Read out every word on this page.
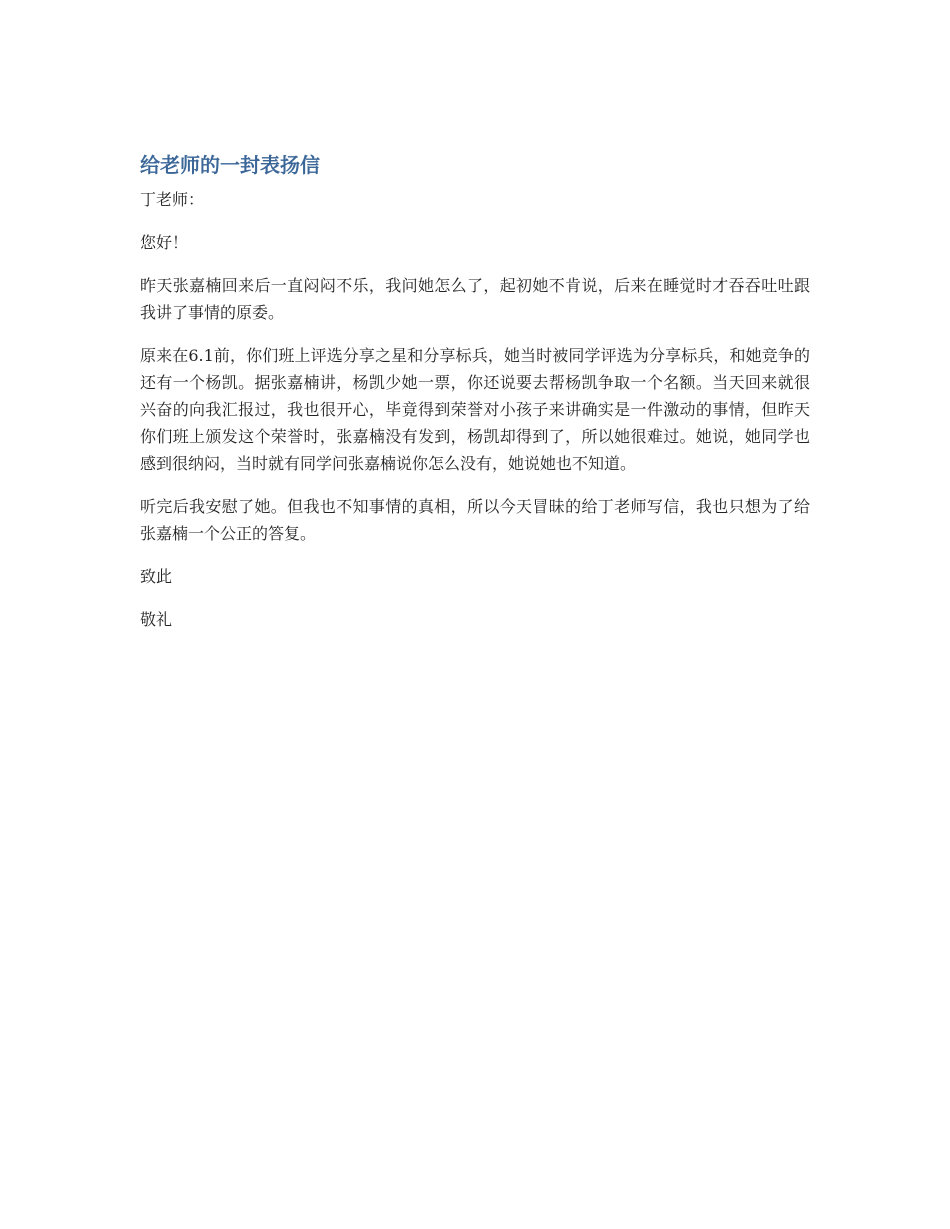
给老师的一封表扬信

丁老师：

您好！

昨天张嘉楠回来后一直闷闷不乐，我问她怎么了，起初她不肯说，后来在睡觉时才吞吞吐吐跟我讲了事情的原委。

原来在6.1前，你们班上评选分享之星和分享标兵，她当时被同学评选为分享标兵，和她竞争的还有一个杨凯。据张嘉楠讲，杨凯少她一票，你还说要去帮杨凯争取一个名额。当天回来就很兴奋的向我汇报过，我也很开心，毕竟得到荣誉对小孩子来讲确实是一件激动的事情，但昨天你们班上颁发这个荣誉时，张嘉楠没有发到，杨凯却得到了，所以她很难过。她说，她同学也感到很纳闷，当时就有同学问张嘉楠说你怎么没有，她说她也不知道。

听完后我安慰了她。但我也不知事情的真相，所以今天冒昧的给丁老师写信，我也只想为了给张嘉楠一个公正的答复。

致此

敬礼
